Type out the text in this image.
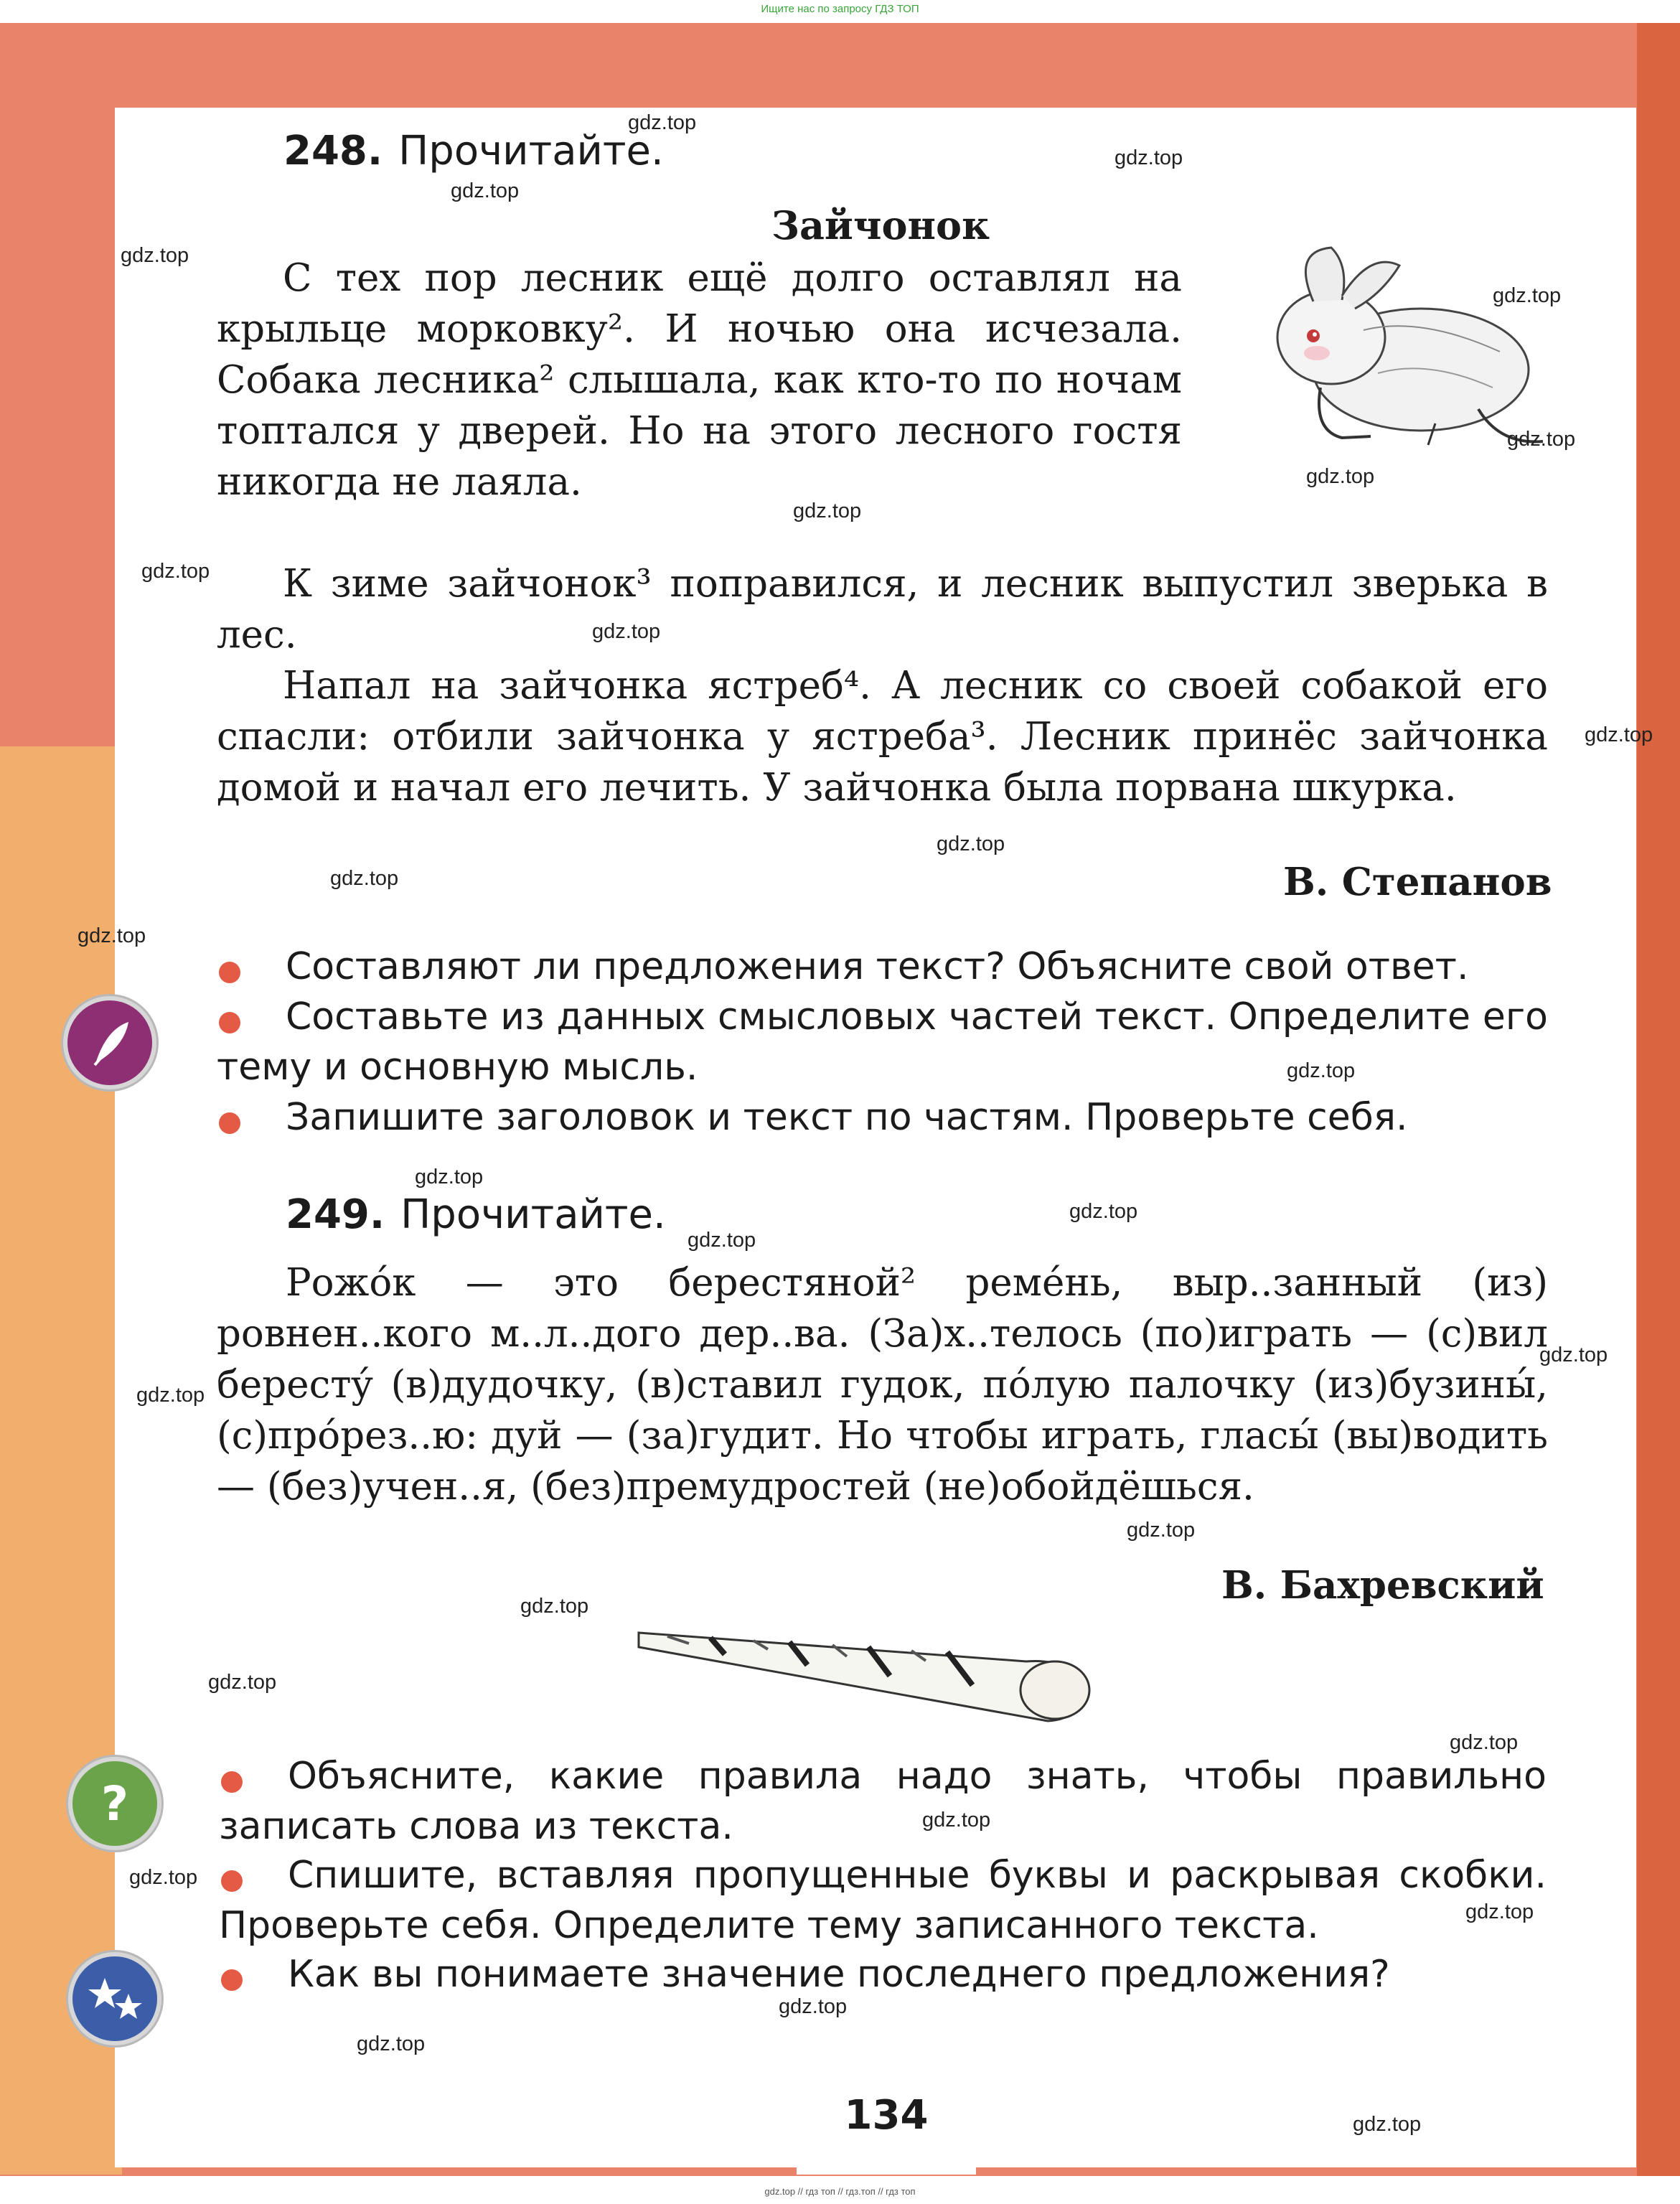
Ищите нас по запросу ГДЗ ТОП
248. Прочитайте.
Зайчонок
С тех пор лесник ещё долго оставлял на крыльце морковку². И ночью она исчезала. Собака лесника² слышала, как кто-то по ночам топтался у дверей. Но на этого лесного гостя никогда не лаяла.
К зиме зайчонок³ поправился, и лесник выпустил зверька в лес.
Напал на зайчонка ястреб⁴. А лесник со своей собакой его спасли: отбили зайчонка у ястреба³. Лесник принёс зайчонка домой и начал его лечить. У зайчонка была порвана шкурка.
В. Степанов
Составляют ли предложения текст? Объясните свой ответ.
Составьте из данных смысловых частей текст. Определите его тему и основную мысль.
Запишите заголовок и текст по частям. Проверьте себя.
249. Прочитайте.
Рожóк — это берестяной² ремéнь, выр..занный (из) ровнен..кого м..л..дого дер..ва. (За)х..телось (по)играть — (с)вил берестý (в)дудочку, (в)ставил гудок, пóлую палочку (из)бузины́, (с)прóрез..ю: дуй — (за)гудит. Но чтобы играть, гласы́ (вы)водить — (без)учен..я, (без)премудростей (не)обойдёшься.
В. Бахревский
?	Объясните, какие правила надо знать, чтобы правильно записать слова из текста.
Спишите, вставляя пропущенные буквы и раскрывая скобки. Проверьте себя. Определите тему записанного текста.
Как вы понимаете значение последнего предложения?
134
gdz.top
gdz.top
gdz.top
gdz.top
gdz.top
gdz.top
gdz.top
gdz.top
gdz.top
gdz.top
gdz.top
gdz.top
gdz.top
gdz.top
gdz.top
gdz.top
gdz.top
gdz.top
gdz.top
gdz.top
gdz.top
gdz.top
gdz.top
gdz.top
gdz.top
gdz.top
gdz.top
gdz.top
gdz.top
gdz.top
gdz.top // гдз топ // гдз.топ // гдз топ
